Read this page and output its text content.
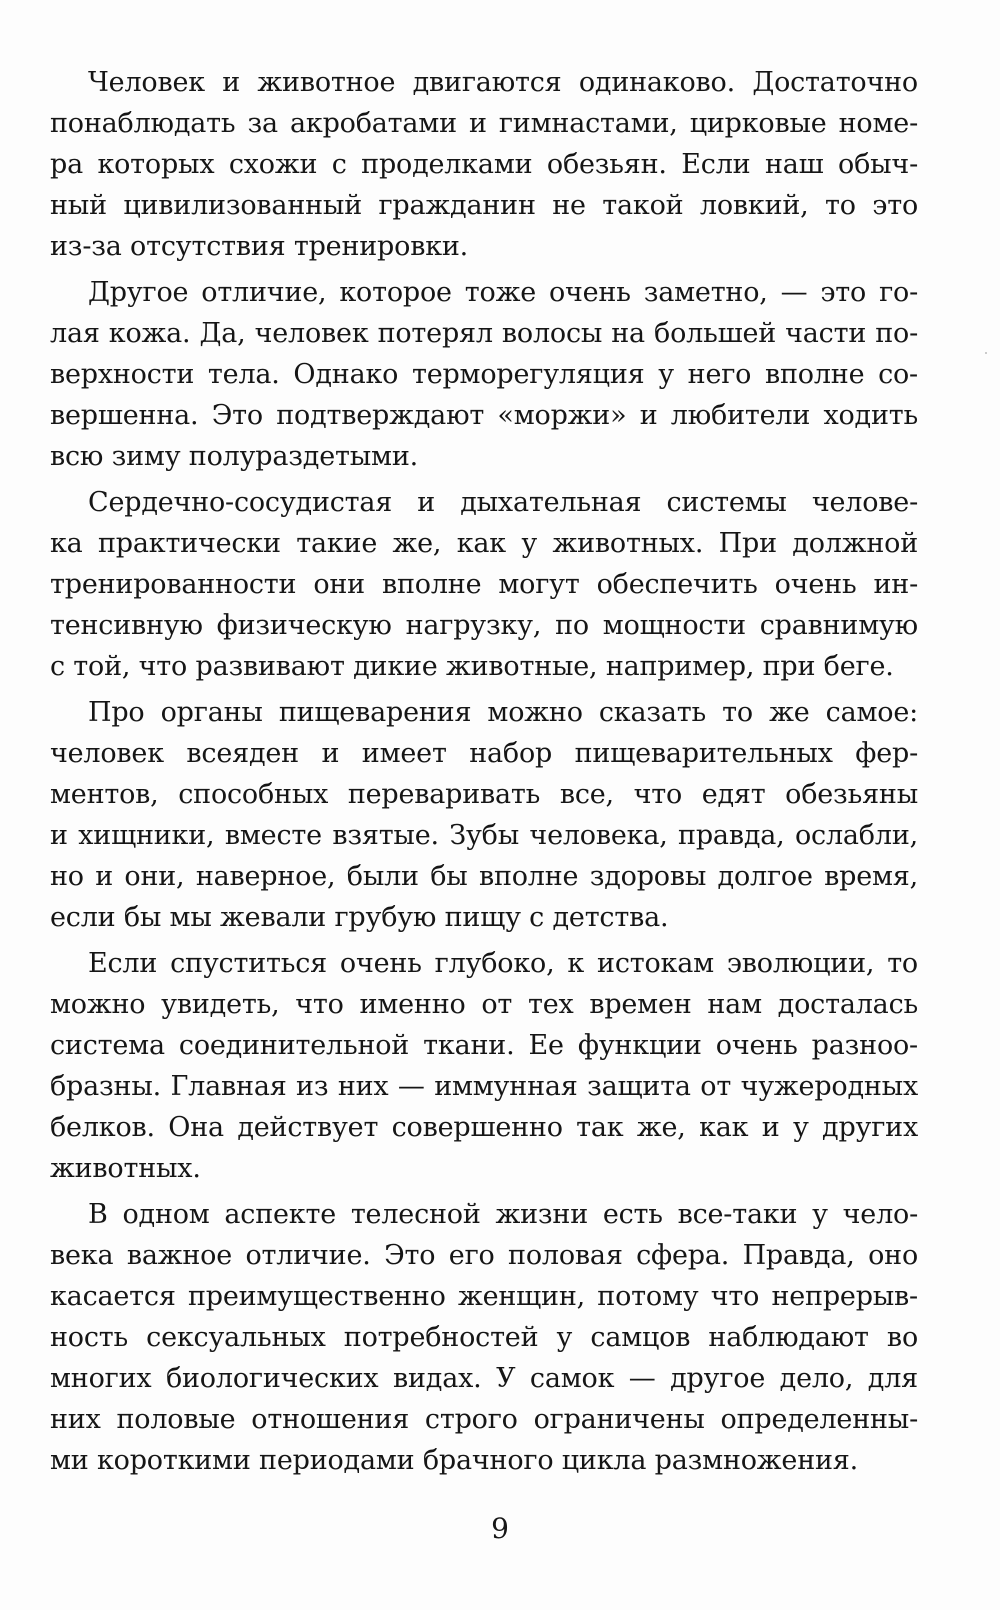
Человек и животное двигаются одинаково. Достаточно
понаблюдать за акробатами и гимнастами, цирковые номе-
ра которых схожи с проделками обезьян. Если наш обыч-
ный цивилизованный гражданин не такой ловкий, то это
из-за отсутствия тренировки.
Другое отличие, которое тоже очень заметно, — это го-
лая кожа. Да, человек потерял волосы на большей части по-
верхности тела. Однако терморегуляция у него вполне со-
вершенна. Это подтверждают «моржи» и любители ходить
всю зиму полураздетыми.
Сердечно-сосудистая и дыхательная системы челове-
ка практически такие же, как у животных. При должной
тренированности они вполне могут обеспечить очень ин-
тенсивную физическую нагрузку, по мощности сравнимую
с той, что развивают дикие животные, например, при беге.
Про органы пищеварения можно сказать то же самое:
человек всеяден и имеет набор пищеварительных фер-
ментов, способных переваривать все, что едят обезьяны
и хищники, вместе взятые. Зубы человека, правда, ослабли,
но и они, наверное, были бы вполне здоровы долгое время,
если бы мы жевали грубую пищу с детства.
Если спуститься очень глубоко, к истокам эволюции, то
можно увидеть, что именно от тех времен нам досталась
система соединительной ткани. Ее функции очень разноо-
бразны. Главная из них — иммунная защита от чужеродных
белков. Она действует совершенно так же, как и у других
животных.
В одном аспекте телесной жизни есть все-таки у чело-
века важное отличие. Это его половая сфера. Правда, оно
касается преимущественно женщин, потому что непрерыв-
ность сексуальных потребностей у самцов наблюдают во
многих биологических видах. У самок — другое дело, для
них половые отношения строго ограничены определенны-
ми короткими периодами брачного цикла размножения.
9
